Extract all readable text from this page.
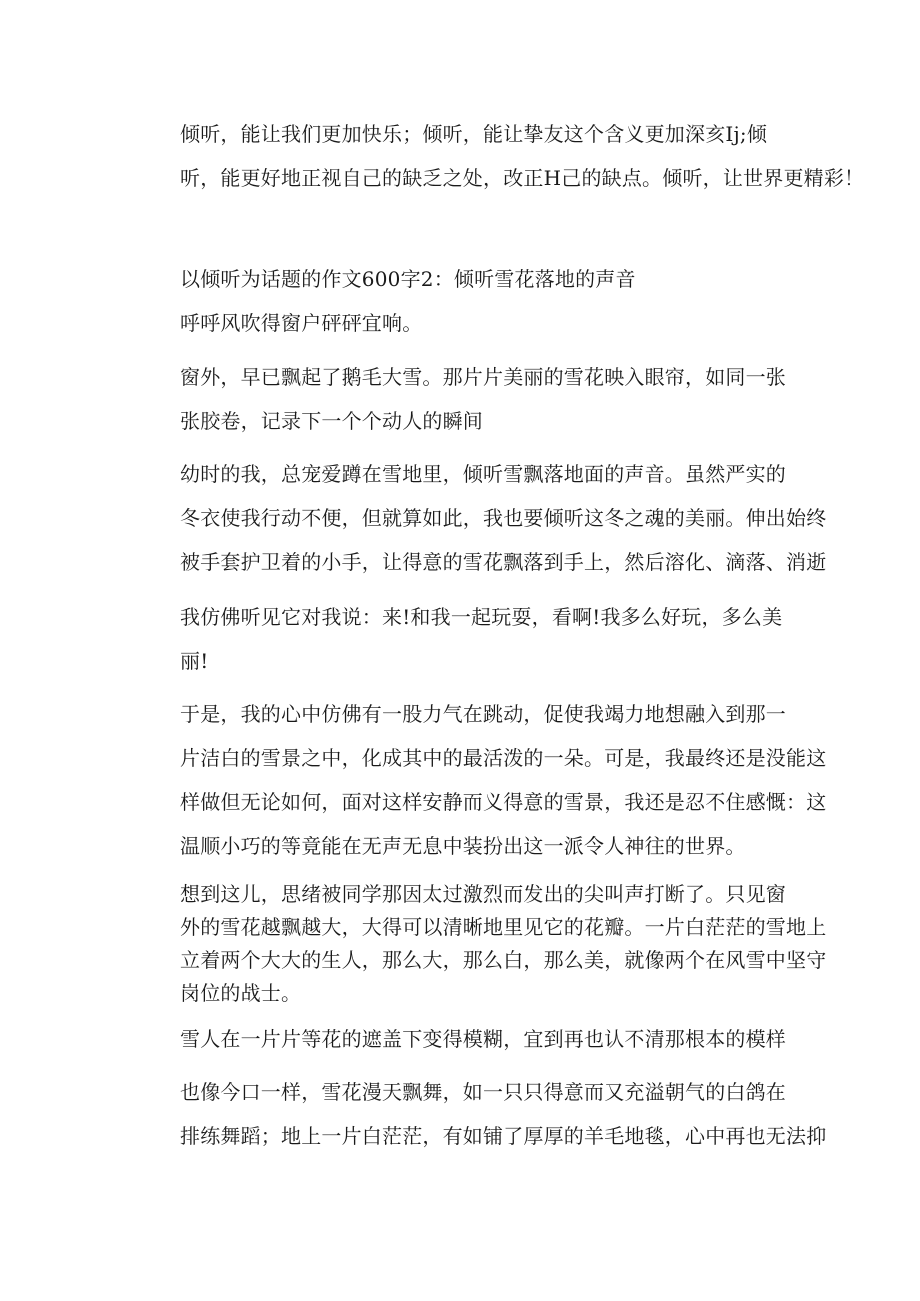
倾听，能让我们更加快乐；倾听，能让挚友这个含义更加深亥Ij;倾
听，能更好地正视自己的缺乏之处，改正H己的缺点。倾听，让世界更精彩！

以倾听为话题的作文600字2：倾听雪花落地的声音

呼呼风吹得窗户砰砰宜响。

窗外，早已飘起了鹅毛大雪。那片片美丽的雪花映入眼帘，如同一张
张胶卷，记录下一个个动人的瞬间

幼时的我，总宠爱蹲在雪地里，倾听雪飘落地面的声音。虽然严实的
冬衣使我行动不便，但就算如此，我也要倾听这冬之魂的美丽。伸出始终
被手套护卫着的小手，让得意的雪花飘落到手上，然后溶化、滴落、消逝

我仿佛听见它对我说：来!和我一起玩耍，看啊!我多么好玩，多么美
丽!

于是，我的心中仿佛有一股力气在跳动，促使我竭力地想融入到那一
片洁白的雪景之中，化成其中的最活泼的一朵。可是，我最终还是没能这
样做但无论如何，面对这样安静而义得意的雪景，我还是忍不住感慨：这
温顺小巧的等竟能在无声无息中装扮出这一派令人神往的世界。

想到这儿，思绪被同学那因太过激烈而发出的尖叫声打断了。只见窗
外的雪花越飘越大，大得可以清晰地里见它的花瓣。一片白茫茫的雪地上
立着两个大大的生人，那么大，那么白，那么美，就像两个在风雪中坚守
岗位的战士。

雪人在一片片等花的遮盖下变得模糊，宜到再也认不清那根本的模样

也像今口一样，雪花漫天飘舞，如一只只得意而又充溢朝气的白鸽在
排练舞蹈；地上一片白茫茫，有如铺了厚厚的羊毛地毯，心中再也无法抑
